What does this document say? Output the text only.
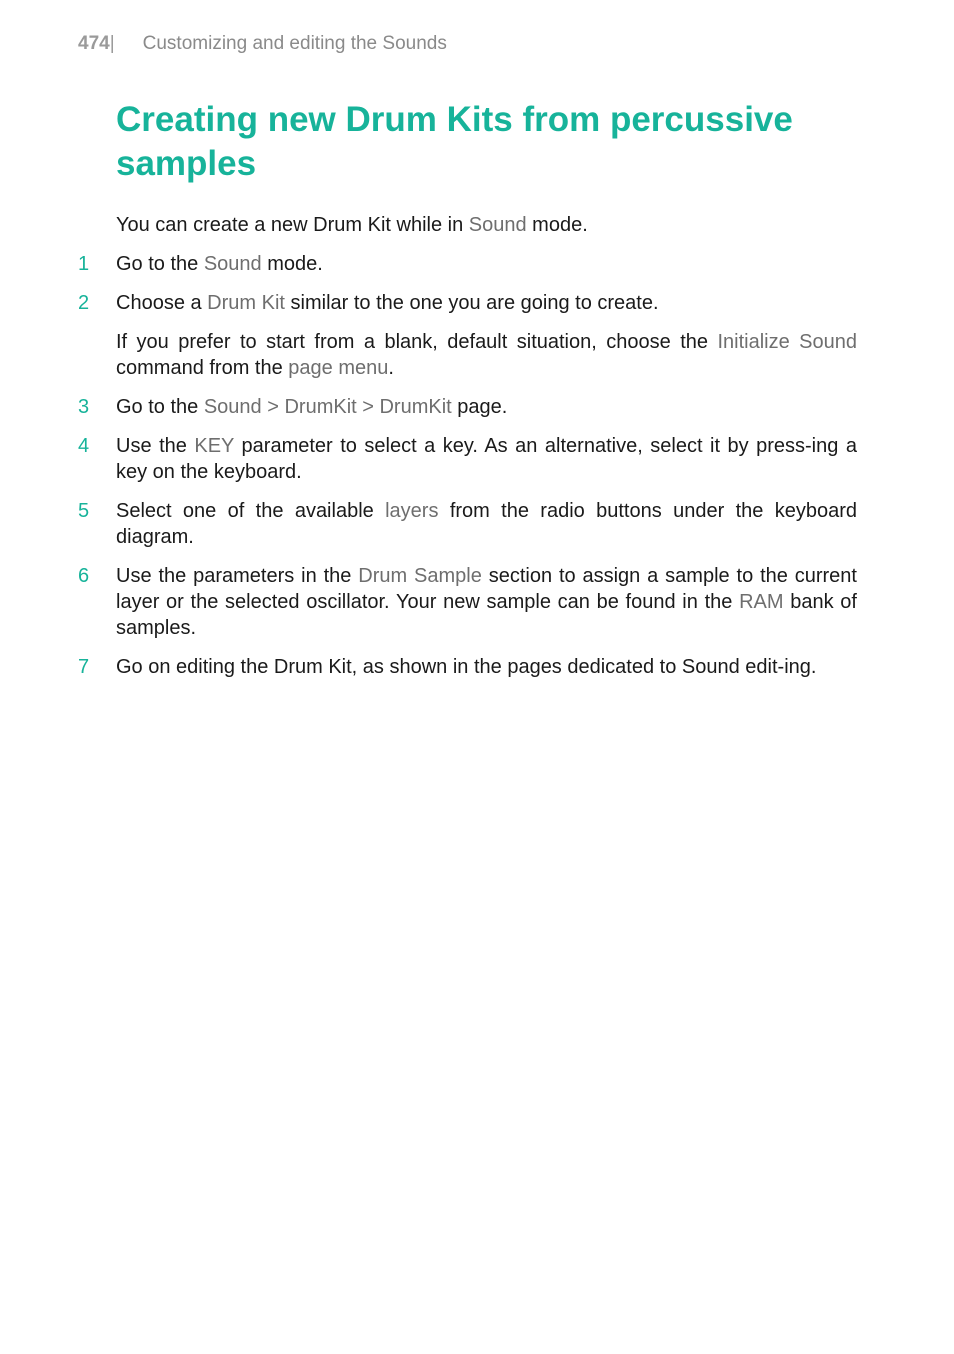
474| Customizing and editing the Sounds
Creating new Drum Kits from percussive samples

You can create a new Drum Kit while in Sound mode.

1 Go to the Sound mode.
2 Choose a Drum Kit similar to the one you are going to create.

If you prefer to start from a blank, default situation, choose the Initialize Sound command from the page menu.

3 Go to the Sound > DrumKit > DrumKit page.
4 Use the KEY parameter to select a key. As an alternative, select it by press-ing a key on the keyboard.
5 Select one of the available layers from the radio buttons under the keyboard diagram.
6 Use the parameters in the Drum Sample section to assign a sample to the current layer or the selected oscillator. Your new sample can be found in the RAM bank of samples.
7 Go on editing the Drum Kit, as shown in the pages dedicated to Sound edit-ing.
